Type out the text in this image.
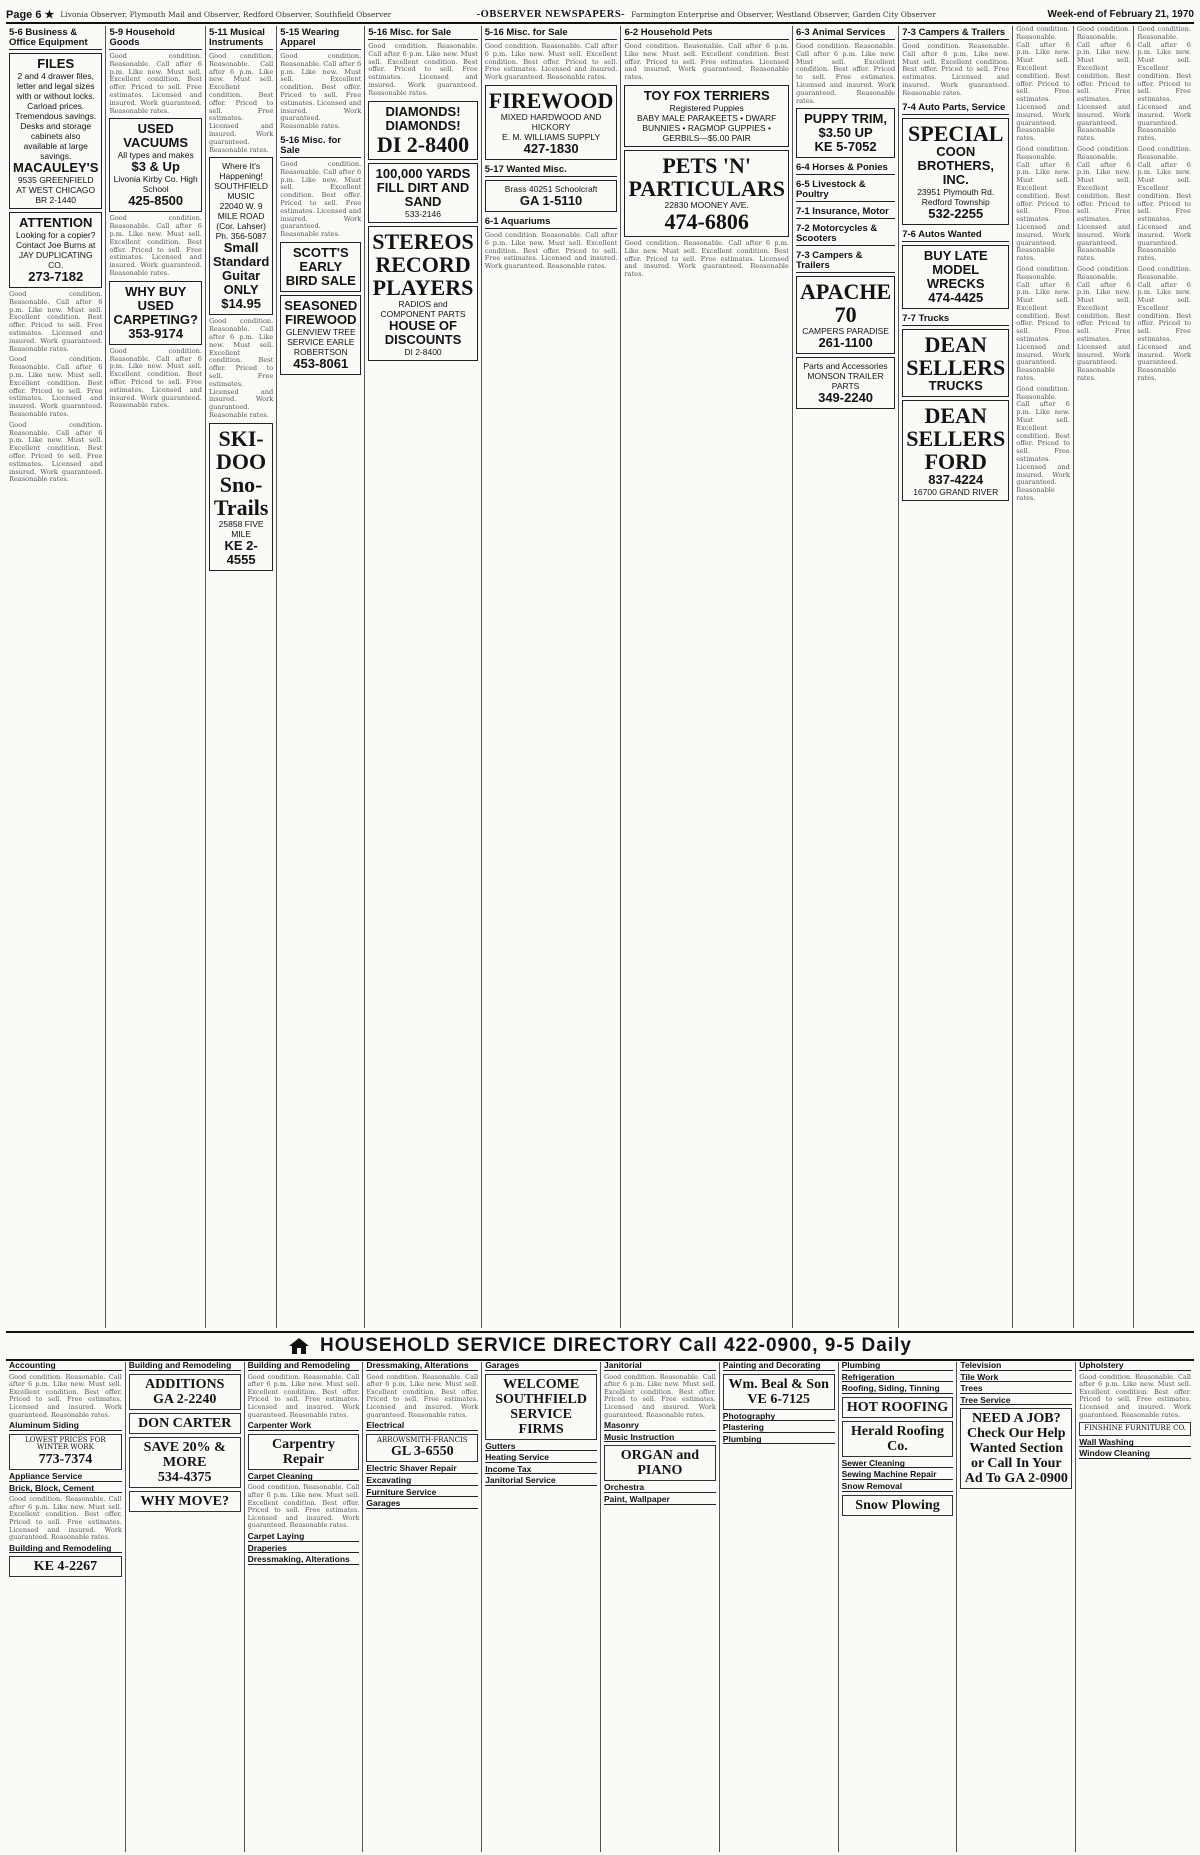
Page 6 ★ Livonia Observer, Plymouth Mail and Observer, Redford Observer, Southfield Observer	-OBSERVER NEWSPAPERS- Farmington Enterprise and Observer, Westland Observer, Garden City Observer	Week-end of February 21, 1970
5-6 Business & Office Equipment
FILES
2 and 4 drawer files, letter and legal sizes with or without locks. Carload prices. Tremendous savings. Desks and storage cabinets also available at large savings.
MACAULEY'S
9535 GREENFIELD AT WEST CHICAGO BR 2-1440
ATTENTION
Looking for a copier? Contact Joe Burns at JAY DUPLICATING CO.
273-7182
Good condition. Reasonable. Call after 6 p.m. Like new. Must sell. Excellent condition. Best offer. Priced to sell. Free estimates. Licensed and insured. Work guaranteed. Reasonable rates.
Good condition. Reasonable. Call after 6 p.m. Like new. Must sell. Excellent condition. Best offer. Priced to sell. Free estimates. Licensed and insured. Work guaranteed. Reasonable rates.
Good condition. Reasonable. Call after 6 p.m. Like new. Must sell. Excellent condition. Best offer. Priced to sell. Free estimates. Licensed and insured. Work guaranteed. Reasonable rates.
5-9 Household Goods
Good condition. Reasonable. Call after 6 p.m. Like new. Must sell. Excellent condition. Best offer. Priced to sell. Free estimates. Licensed and insured. Work guaranteed. Reasonable rates.
USED VACUUMS
All types and makes
$3 & Up
Livonia Kirby Co. High School
425-8500
Good condition. Reasonable. Call after 6 p.m. Like new. Must sell. Excellent condition. Best offer. Priced to sell. Free estimates. Licensed and insured. Work guaranteed. Reasonable rates.
WHY BUY USED CARPETING?
353-9174
Good condition. Reasonable. Call after 6 p.m. Like new. Must sell. Excellent condition. Best offer. Priced to sell. Free estimates. Licensed and insured. Work guaranteed. Reasonable rates.
5-11 Musical Instruments
Good condition. Reasonable. Call after 6 p.m. Like new. Must sell. Excellent condition. Best offer. Priced to sell. Free estimates. Licensed and insured. Work guaranteed. Reasonable rates.
Where It's Happening! SOUTHFIELD MUSIC
22040 W. 9 MILE ROAD (Cor. Lahser) Ph. 356-5087
Small Standard Guitar ONLY $14.95
Good condition. Reasonable. Call after 6 p.m. Like new. Must sell. Excellent condition. Best offer. Priced to sell. Free estimates. Licensed and insured. Work guaranteed. Reasonable rates.
SKI-DOO
Sno-Trails
25858 FIVE MILE
KE 2-4555
5-15 Wearing Apparel
Good condition. Reasonable. Call after 6 p.m. Like new. Must sell. Excellent condition. Best offer. Priced to sell. Free estimates. Licensed and insured. Work guaranteed. Reasonable rates.
5-16 Misc. for Sale
Good condition. Reasonable. Call after 6 p.m. Like new. Must sell. Excellent condition. Best offer. Priced to sell. Free estimates. Licensed and insured. Work guaranteed. Reasonable rates.
SCOTT'S EARLY BIRD SALE
SEASONED FIREWOOD
GLENVIEW TREE SERVICE EARLE ROBERTSON
453-8061
5-16 Misc. for Sale
Good condition. Reasonable. Call after 6 p.m. Like new. Must sell. Excellent condition. Best offer. Priced to sell. Free estimates. Licensed and insured. Work guaranteed. Reasonable rates.
DIAMONDS! DIAMONDS!
DI 2-8400
100,000 YARDS FILL DIRT AND SAND
533-2146
STEREOS RECORD PLAYERS
RADIOS and COMPONENT PARTS
HOUSE OF DISCOUNTS
DI 2-8400
5-16 Misc. for Sale
Good condition. Reasonable. Call after 6 p.m. Like new. Must sell. Excellent condition. Best offer. Priced to sell. Free estimates. Licensed and insured. Work guaranteed. Reasonable rates.
FIREWOOD
MIXED HARDWOOD AND HICKORY
E. M. WILLIAMS SUPPLY
427-1830
5-17 Wanted Misc.
Brass 40251 Schoolcraft
GA 1-5110
6-1 Aquariums
Good condition. Reasonable. Call after 6 p.m. Like new. Must sell. Excellent condition. Best offer. Priced to sell. Free estimates. Licensed and insured. Work guaranteed. Reasonable rates.
6-2 Household Pets
Good condition. Reasonable. Call after 6 p.m. Like new. Must sell. Excellent condition. Best offer. Priced to sell. Free estimates. Licensed and insured. Work guaranteed. Reasonable rates.
TOY FOX TERRIERS
Registered Puppies
BABY MALE PARAKEETS • DWARF BUNNIES • RAGMOP GUPPIES • GERBILS—$5.00 PAIR
PETS 'N' PARTICULARS
22830 MOONEY AVE.
474-6806
Good condition. Reasonable. Call after 6 p.m. Like new. Must sell. Excellent condition. Best offer. Priced to sell. Free estimates. Licensed and insured. Work guaranteed. Reasonable rates.
6-3 Animal Services
Good condition. Reasonable. Call after 6 p.m. Like new. Must sell. Excellent condition. Best offer. Priced to sell. Free estimates. Licensed and insured. Work guaranteed. Reasonable rates.
PUPPY TRIM, $3.50 UP
KE 5-7052
6-4 Horses & Ponies
6-5 Livestock & Poultry
7-1 Insurance, Motor
7-2 Motorcycles & Scooters
7-3 Campers & Trailers
APACHE 70
CAMPERS PARADISE
261-1100
Parts and Accessories MONSON TRAILER PARTS
349-2240
7-3 Campers & Trailers
Good condition. Reasonable. Call after 6 p.m. Like new. Must sell. Excellent condition. Best offer. Priced to sell. Free estimates. Licensed and insured. Work guaranteed. Reasonable rates.
7-4 Auto Parts, Service
SPECIAL
COON BROTHERS, INC.
23951 Plymouth Rd. Redford Township
532-2255
7-6 Autos Wanted
BUY LATE MODEL WRECKS
474-4425
7-7 Trucks
DEAN SELLERS
TRUCKS
DEAN SELLERS FORD
837-4224
16700 GRAND RIVER
Good condition. Reasonable. Call after 6 p.m. Like new. Must sell. Excellent condition. Best offer. Priced to sell. Free estimates. Licensed and insured. Work guaranteed. Reasonable rates.
Good condition. Reasonable. Call after 6 p.m. Like new. Must sell. Excellent condition. Best offer. Priced to sell. Free estimates. Licensed and insured. Work guaranteed. Reasonable rates.
Good condition. Reasonable. Call after 6 p.m. Like new. Must sell. Excellent condition. Best offer. Priced to sell. Free estimates. Licensed and insured. Work guaranteed. Reasonable rates.
Good condition. Reasonable. Call after 6 p.m. Like new. Must sell. Excellent condition. Best offer. Priced to sell. Free estimates. Licensed and insured. Work guaranteed. Reasonable rates.
Good condition. Reasonable. Call after 6 p.m. Like new. Must sell. Excellent condition. Best offer. Priced to sell. Free estimates. Licensed and insured. Work guaranteed. Reasonable rates.
Good condition. Reasonable. Call after 6 p.m. Like new. Must sell. Excellent condition. Best offer. Priced to sell. Free estimates. Licensed and insured. Work guaranteed. Reasonable rates.
Good condition. Reasonable. Call after 6 p.m. Like new. Must sell. Excellent condition. Best offer. Priced to sell. Free estimates. Licensed and insured. Work guaranteed. Reasonable rates.
Good condition. Reasonable. Call after 6 p.m. Like new. Must sell. Excellent condition. Best offer. Priced to sell. Free estimates. Licensed and insured. Work guaranteed. Reasonable rates.
Good condition. Reasonable. Call after 6 p.m. Like new. Must sell. Excellent condition. Best offer. Priced to sell. Free estimates. Licensed and insured. Work guaranteed. Reasonable rates.
Good condition. Reasonable. Call after 6 p.m. Like new. Must sell. Excellent condition. Best offer. Priced to sell. Free estimates. Licensed and insured. Work guaranteed. Reasonable rates.
HOUSEHOLD
SERVICE DIRECTORY Call 422-0900, 9-5 Daily
Accounting
Good condition. Reasonable. Call after 6 p.m. Like new. Must sell. Excellent condition. Best offer. Priced to sell. Free estimates. Licensed and insured. Work guaranteed. Reasonable rates.
Aluminum Siding
LOWEST PRICES FOR WINTER WORK
773-7374
Appliance Service
Brick, Block, Cement
Good condition. Reasonable. Call after 6 p.m. Like new. Must sell. Excellent condition. Best offer. Priced to sell. Free estimates. Licensed and insured. Work guaranteed. Reasonable rates.
Building and Remodeling
KE 4-2267
Building and Remodeling
ADDITIONS
GA 2-2240
DON CARTER
SAVE 20% & MORE
534-4375
WHY MOVE?
Building and Remodeling
Good condition. Reasonable. Call after 6 p.m. Like new. Must sell. Excellent condition. Best offer. Priced to sell. Free estimates. Licensed and insured. Work guaranteed. Reasonable rates.
Carpenter Work
Carpentry Repair
Carpet Cleaning
Good condition. Reasonable. Call after 6 p.m. Like new. Must sell. Excellent condition. Best offer. Priced to sell. Free estimates. Licensed and insured. Work guaranteed. Reasonable rates.
Carpet Laying
Draperies
Dressmaking, Alterations
Dressmaking, Alterations
Good condition. Reasonable. Call after 6 p.m. Like new. Must sell. Excellent condition. Best offer. Priced to sell. Free estimates. Licensed and insured. Work guaranteed. Reasonable rates.
Electrical
ARROWSMITH-FRANCIS
GL 3-6550
Electric Shaver Repair
Excavating
Furniture Service
Garages
Garages
WELCOME
SOUTHFIELD SERVICE FIRMS
Gutters
Heating Service
Income Tax
Janitorial Service
Janitorial
Good condition. Reasonable. Call after 6 p.m. Like new. Must sell. Excellent condition. Best offer. Priced to sell. Free estimates. Licensed and insured. Work guaranteed. Reasonable rates.
Masonry
Music Instruction
ORGAN and PIANO
Orchestra
Paint, Wallpaper
Painting and Decorating
Wm. Beal & Son
VE 6-7125
Photography
Plastering
Plumbing
Plumbing
Refrigeration
Roofing, Siding, Tinning
HOT ROOFING
Herald Roofing Co.
Sewer Cleaning
Sewing Machine Repair
Snow Removal
Snow Plowing
Television
Tile Work
Trees
Tree Service
NEED A JOB?
Check Our Help Wanted Section or Call In Your Ad To GA 2-0900
Upholstery
Good condition. Reasonable. Call after 6 p.m. Like new. Must sell. Excellent condition. Best offer. Priced to sell. Free estimates. Licensed and insured. Work guaranteed. Reasonable rates.
FINSHINE FURNITURE CO.
Wall Washing
Window Cleaning
